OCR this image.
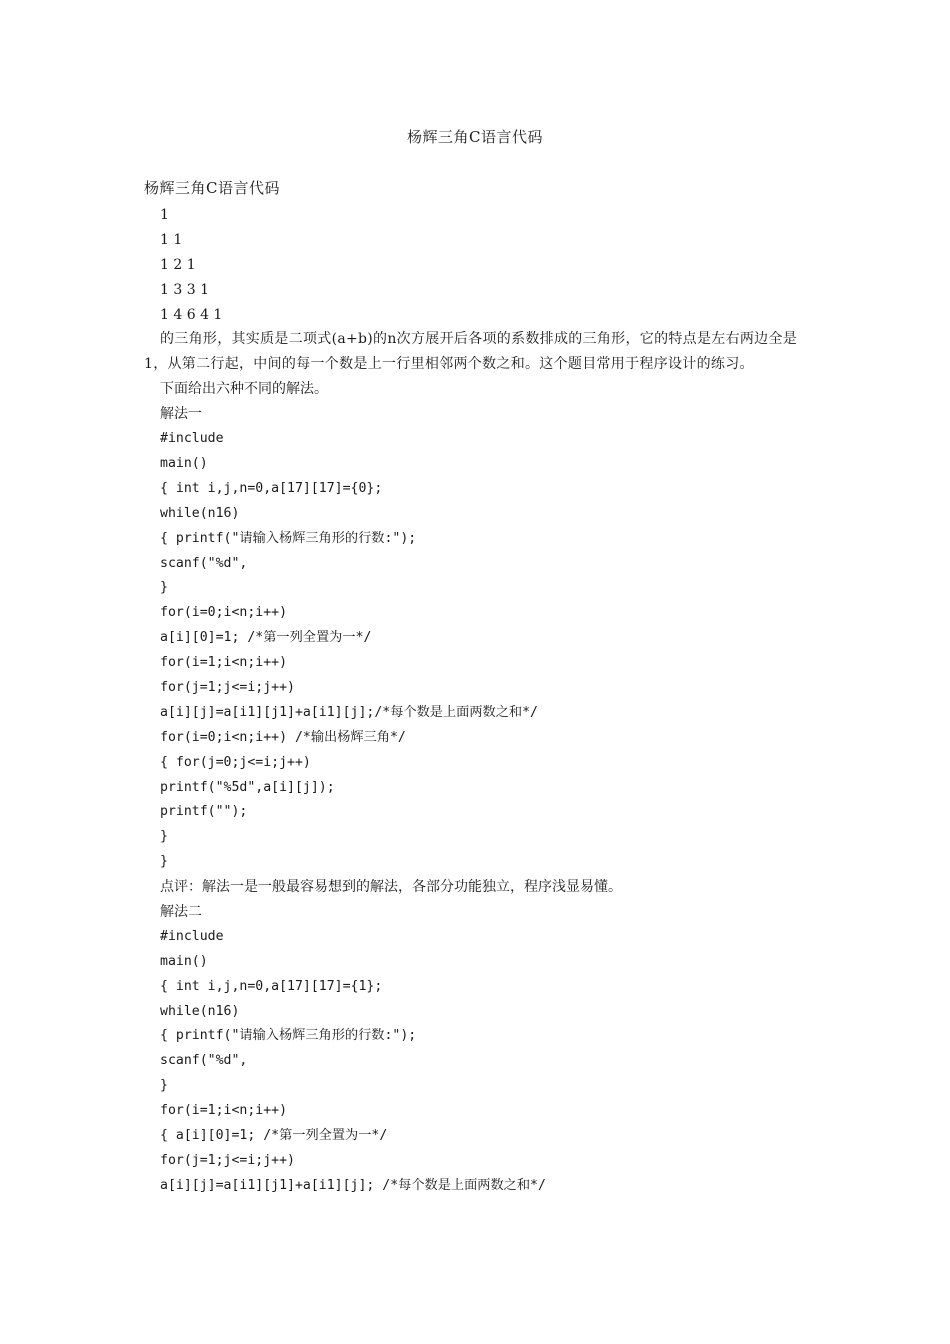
杨辉三角C语言代码
杨辉三角C语言代码
1
1 1
1 2 1
1 3 3 1
1 4 6 4 1

的三角形，其实质是二项式(a+b)的n次方展开后各项的系数排成的三角形，它的特点是左右两边全是1，从第二行起，中间的每一个数是上一行里相邻两个数之和。这个题目常用于程序设计的练习。

下面给出六种不同的解法。
解法一
#include
main()
{ int i,j,n=0,a[17][17]={0};
while(n16)
{ printf("请输入杨辉三角形的行数:");
scanf("%d",
}
for(i=0;i<n;i++)
a[i][0]=1; /*第一列全置为一*/
for(i=1;i<n;i++)
for(j=1;j<=i;j++)
a[i][j]=a[i1][j1]+a[i1][j];/*每个数是上面两数之和*/
for(i=0;i<n;i++) /*输出杨辉三角*/
{ for(j=0;j<=i;j++)
printf("%5d",a[i][j]);
printf("");
}
}
点评：解法一是一般最容易想到的解法，各部分功能独立，程序浅显易懂。
解法二
#include
main()
{ int i,j,n=0,a[17][17]={1};
while(n16)
{ printf("请输入杨辉三角形的行数:");
scanf("%d",
}
for(i=1;i<n;i++)
{ a[i][0]=1; /*第一列全置为一*/
for(j=1;j<=i;j++)
a[i][j]=a[i1][j1]+a[i1][j]; /*每个数是上面两数之和*/
